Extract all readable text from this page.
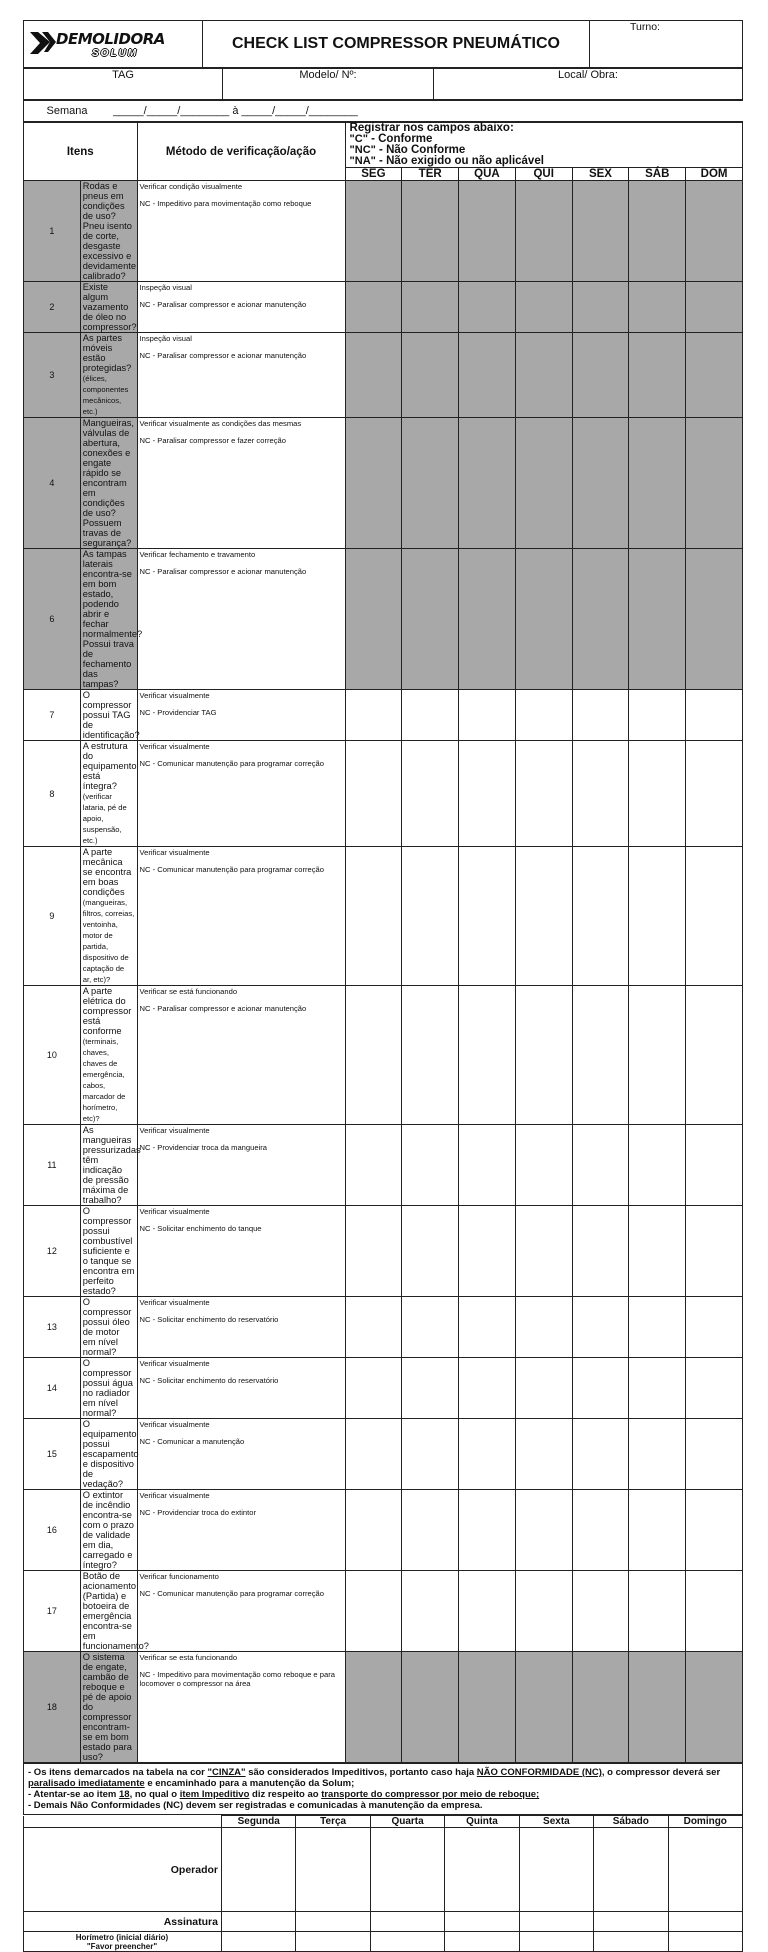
DEMOLIDORA
SOLUM
	CHECK LIST COMPRESSOR PNEUMÁTICO	Turno:
TAG	Modelo/ Nº:	Local/ Obra:
Semana _____/_____/________ à _____/_____/________
Itens		Método de verificação/ação	Registrar nos campos abaixo:
"C" - Conforme
"NC" - Não Conforme
"NA" - Não exigido ou não aplicável						
			SEG	TER	QUA	QUI	SEX	SÁB	DOM
1	Rodas e pneus em condições de uso? Pneu isento de corte, desgaste excessivo e devidamente calibrado?	Verificar condição visualmente
NC - Impeditivo para movimentação como reboque							

2	Existe algum vazamento de óleo no compressor?	Inspeção visual
NC - Paralisar compressor e acionar manutenção							

3	As partes móveis estão protegidas?
(élices, componentes mecânicos, etc.)	Inspeção visual
NC - Paralisar compressor e acionar manutenção							

4	Mangueiras, válvulas de abertura, conexões e engate rápido se encontram em condições de uso? Possuem travas de segurança?	Verificar visualmente as condições das mesmas
NC - Paralisar compressor e fazer correção							

6	As tampas laterais encontra-se em bom estado, podendo abrir e fechar normalmente? Possui trava de fechamento das tampas?	Verificar fechamento e travamento
NC - Paralisar compressor e acionar manutenção							

7	O compressor possui TAG de identificação?	Verificar visualmente
NC - Providenciar TAG							

8	A estrutura do equipamento está íntegra?
(verificar lataria, pé de apoio, suspensão, etc.)	Verificar visualmente
NC - Comunicar manutenção para programar correção							

9	A parte mecânica se encontra em boas condições
(mangueiras, filtros, correias, ventoinha, motor de partida, dispositivo de captação de ar, etc)?	Verificar visualmente
NC - Comunicar manutenção para programar correção							

10	A parte elétrica do compressor está conforme
(terminais, chaves, chaves de emergência, cabos, marcador de horímetro, etc)?	Verificar se está funcionando
NC - Paralisar compressor e acionar manutenção							

11	As mangueiras pressurizadas têm indicação de pressão máxima de trabalho?	Verificar visualmente
NC - Providenciar troca da mangueira							

12	O compressor possui combustível suficiente e o tanque se encontra em perfeito estado?	Verificar visualmente
NC - Solicitar enchimento do tanque							

13	O compressor possui óleo de motor em nível normal?	Verificar visualmente
NC - Solicitar enchimento do reservatório							

14	O compressor possui água no radiador em nível normal?	Verificar visualmente
NC - Solicitar enchimento do reservatório							

15	O equipamento possui escapamento e dispositivo de vedação?	Verificar visualmente
NC - Comunicar a manutenção							

16	O extintor de incêndio encontra-se com o prazo de validade em dia, carregado e íntegro?	Verificar visualmente
NC - Providenciar troca do extintor							

17	Botão de acionamento (Partida) e botoeira de emergência encontra-se em funcionamento?	Verificar funcionamento
NC - Comunicar manutenção para programar correção							

18	O sistema de engate, cambão de reboque e pé de apoio do compressor encontram-se em bom estado para uso?	Verificar se esta funcionando
NC - Impeditivo para movimentação como reboque e para locomover o compressor na área							

- Os itens demarcados na tabela na cor "CINZA" são considerados Impeditivos, portanto caso haja NÃO CONFORMIDADE (NC), o compressor deverá ser paralisado imediatamente e encaminhado para a manutenção da Solum;
- Atentar-se ao item 18, no qual o item Impeditivo diz respeito ao transporte do compressor por meio de reboque;
- Demais Não Conformidades (NC) devem ser registradas e comunicadas à manutenção da empresa.
	Segunda	Terça	Quarta	Quinta	Sexta	Sábado	Domingo
Operador							
Assinatura							
Horímetro (inicial diário)
"Favor preencher"							
